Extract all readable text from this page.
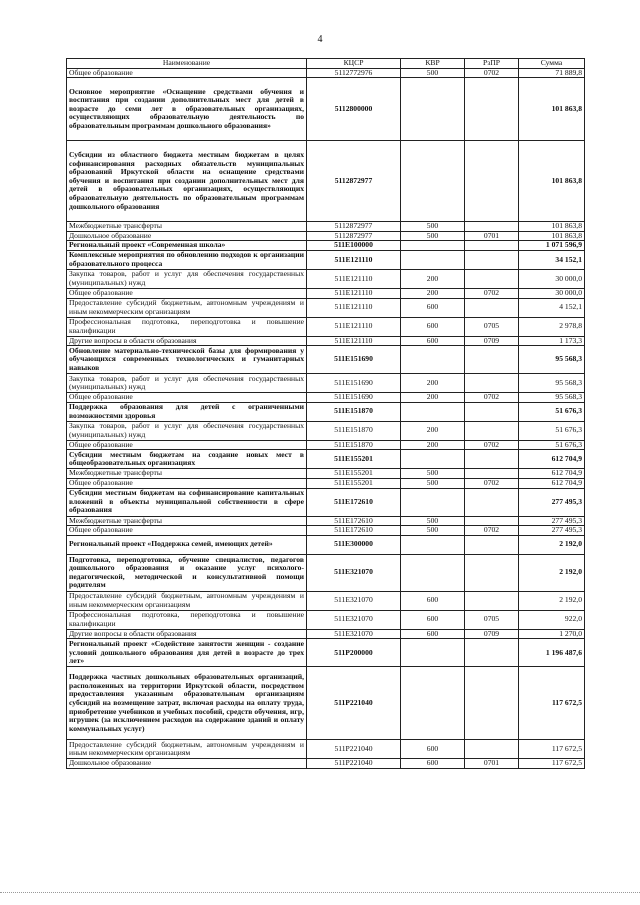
4
Наименование	КЦСР	КВР	РзПР	Сумма
Общее образование	5112772976	500	0702	71 889,8
Основное мероприятие «Оснащение средствами обучения и воспитания при создании дополнительных мест для детей в возрасте до семи лет в образовательных организациях, осуществляющих образовательную деятельность по образовательным программам дошкольного образования»	5112800000			101 863,8
Субсидии из областного бюджета местным бюджетам в целях софинансирования расходных обязательств муниципальных образований Иркутской области на оснащение средствами обучения и воспитания при создании дополнительных мест для детей в образовательных организациях, осуществляющих образовательную деятельность по образовательным программам дошкольного образования	5112872977			101 863,8
Межбюджетные трансферты	5112872977	500		101 863,8
Дошкольное образование	5112872977	500	0701	101 863,8
Региональный проект «Современная школа»	511E100000			1 071 596,9
Комплексные мероприятия по обновлению подходов к организации образовательного процесса	511E121110			34 152,1
Закупка товаров, работ и услуг для обеспечения государственных (муниципальных) нужд	511E121110	200		30 000,0
Общее образование	511E121110	200	0702	30 000,0
Предоставление субсидий бюджетным, автономным учреждениям и иным некоммерческим организациям	511E121110	600		4 152,1
Профессиональная подготовка, переподготовка и повышение квалификации	511E121110	600	0705	2 978,8
Другие вопросы в области образования	511E121110	600	0709	1 173,3
Обновление материально-технической базы для формирования у обучающихся современных технологических и гуманитарных навыков	511E151690			95 568,3
Закупка товаров, работ и услуг для обеспечения государственных (муниципальных) нужд	511E151690	200		95 568,3
Общее образование	511E151690	200	0702	95 568,3
Поддержка образования для детей с ограниченными возможностями здоровья	511E151870			51 676,3
Закупка товаров, работ и услуг для обеспечения государственных (муниципальных) нужд	511E151870	200		51 676,3
Общее образование	511E151870	200	0702	51 676,3
Субсидии местным бюджетам на создание новых мест в общеобразовательных организациях	511E155201			612 704,9
Межбюджетные трансферты	511E155201	500		612 704,9
Общее образование	511E155201	500	0702	612 704,9
Субсидии местным бюджетам на софинансирование капитальных вложений в объекты муниципальной собственности в сфере образования	511E172610			277 495,3
Межбюджетные трансферты	511E172610	500		277 495,3
Общее образование	511E172610	500	0702	277 495,3
Региональный проект «Поддержка семей, имеющих детей»	511E300000			2 192,0
Подготовка, переподготовка, обучение специалистов, педагогов дошкольного образования и оказание услуг психолого-педагогической, методической и консультативной помощи родителям	511E321070			2 192,0
Предоставление субсидий бюджетным, автономным учреждениям и иным некоммерческим организациям	511E321070	600		2 192,0
Профессиональная подготовка, переподготовка и повышение квалификации	511E321070	600	0705	922,0
Другие вопросы в области образования	511E321070	600	0709	1 270,0
Региональный проект «Содействие занятости женщин - создание условий дошкольного образования для детей в возрасте до трех лет»	511P200000			1 196 487,6
Поддержка частных дошкольных образовательных организаций, расположенных на территории Иркутской области, посредством предоставления указанным образовательным организациям субсидий на возмещение затрат, включая расходы на оплату труда, приобретение учебников и учебных пособий, средств обучения, игр, игрушек (за исключением расходов на содержание зданий и оплату коммунальных услуг)	511P221040			117 672,5
Предоставление субсидий бюджетным, автономным учреждениям и иным некоммерческим организациям	511P221040	600		117 672,5
Дошкольное образование	511P221040	600	0701	117 672,5
